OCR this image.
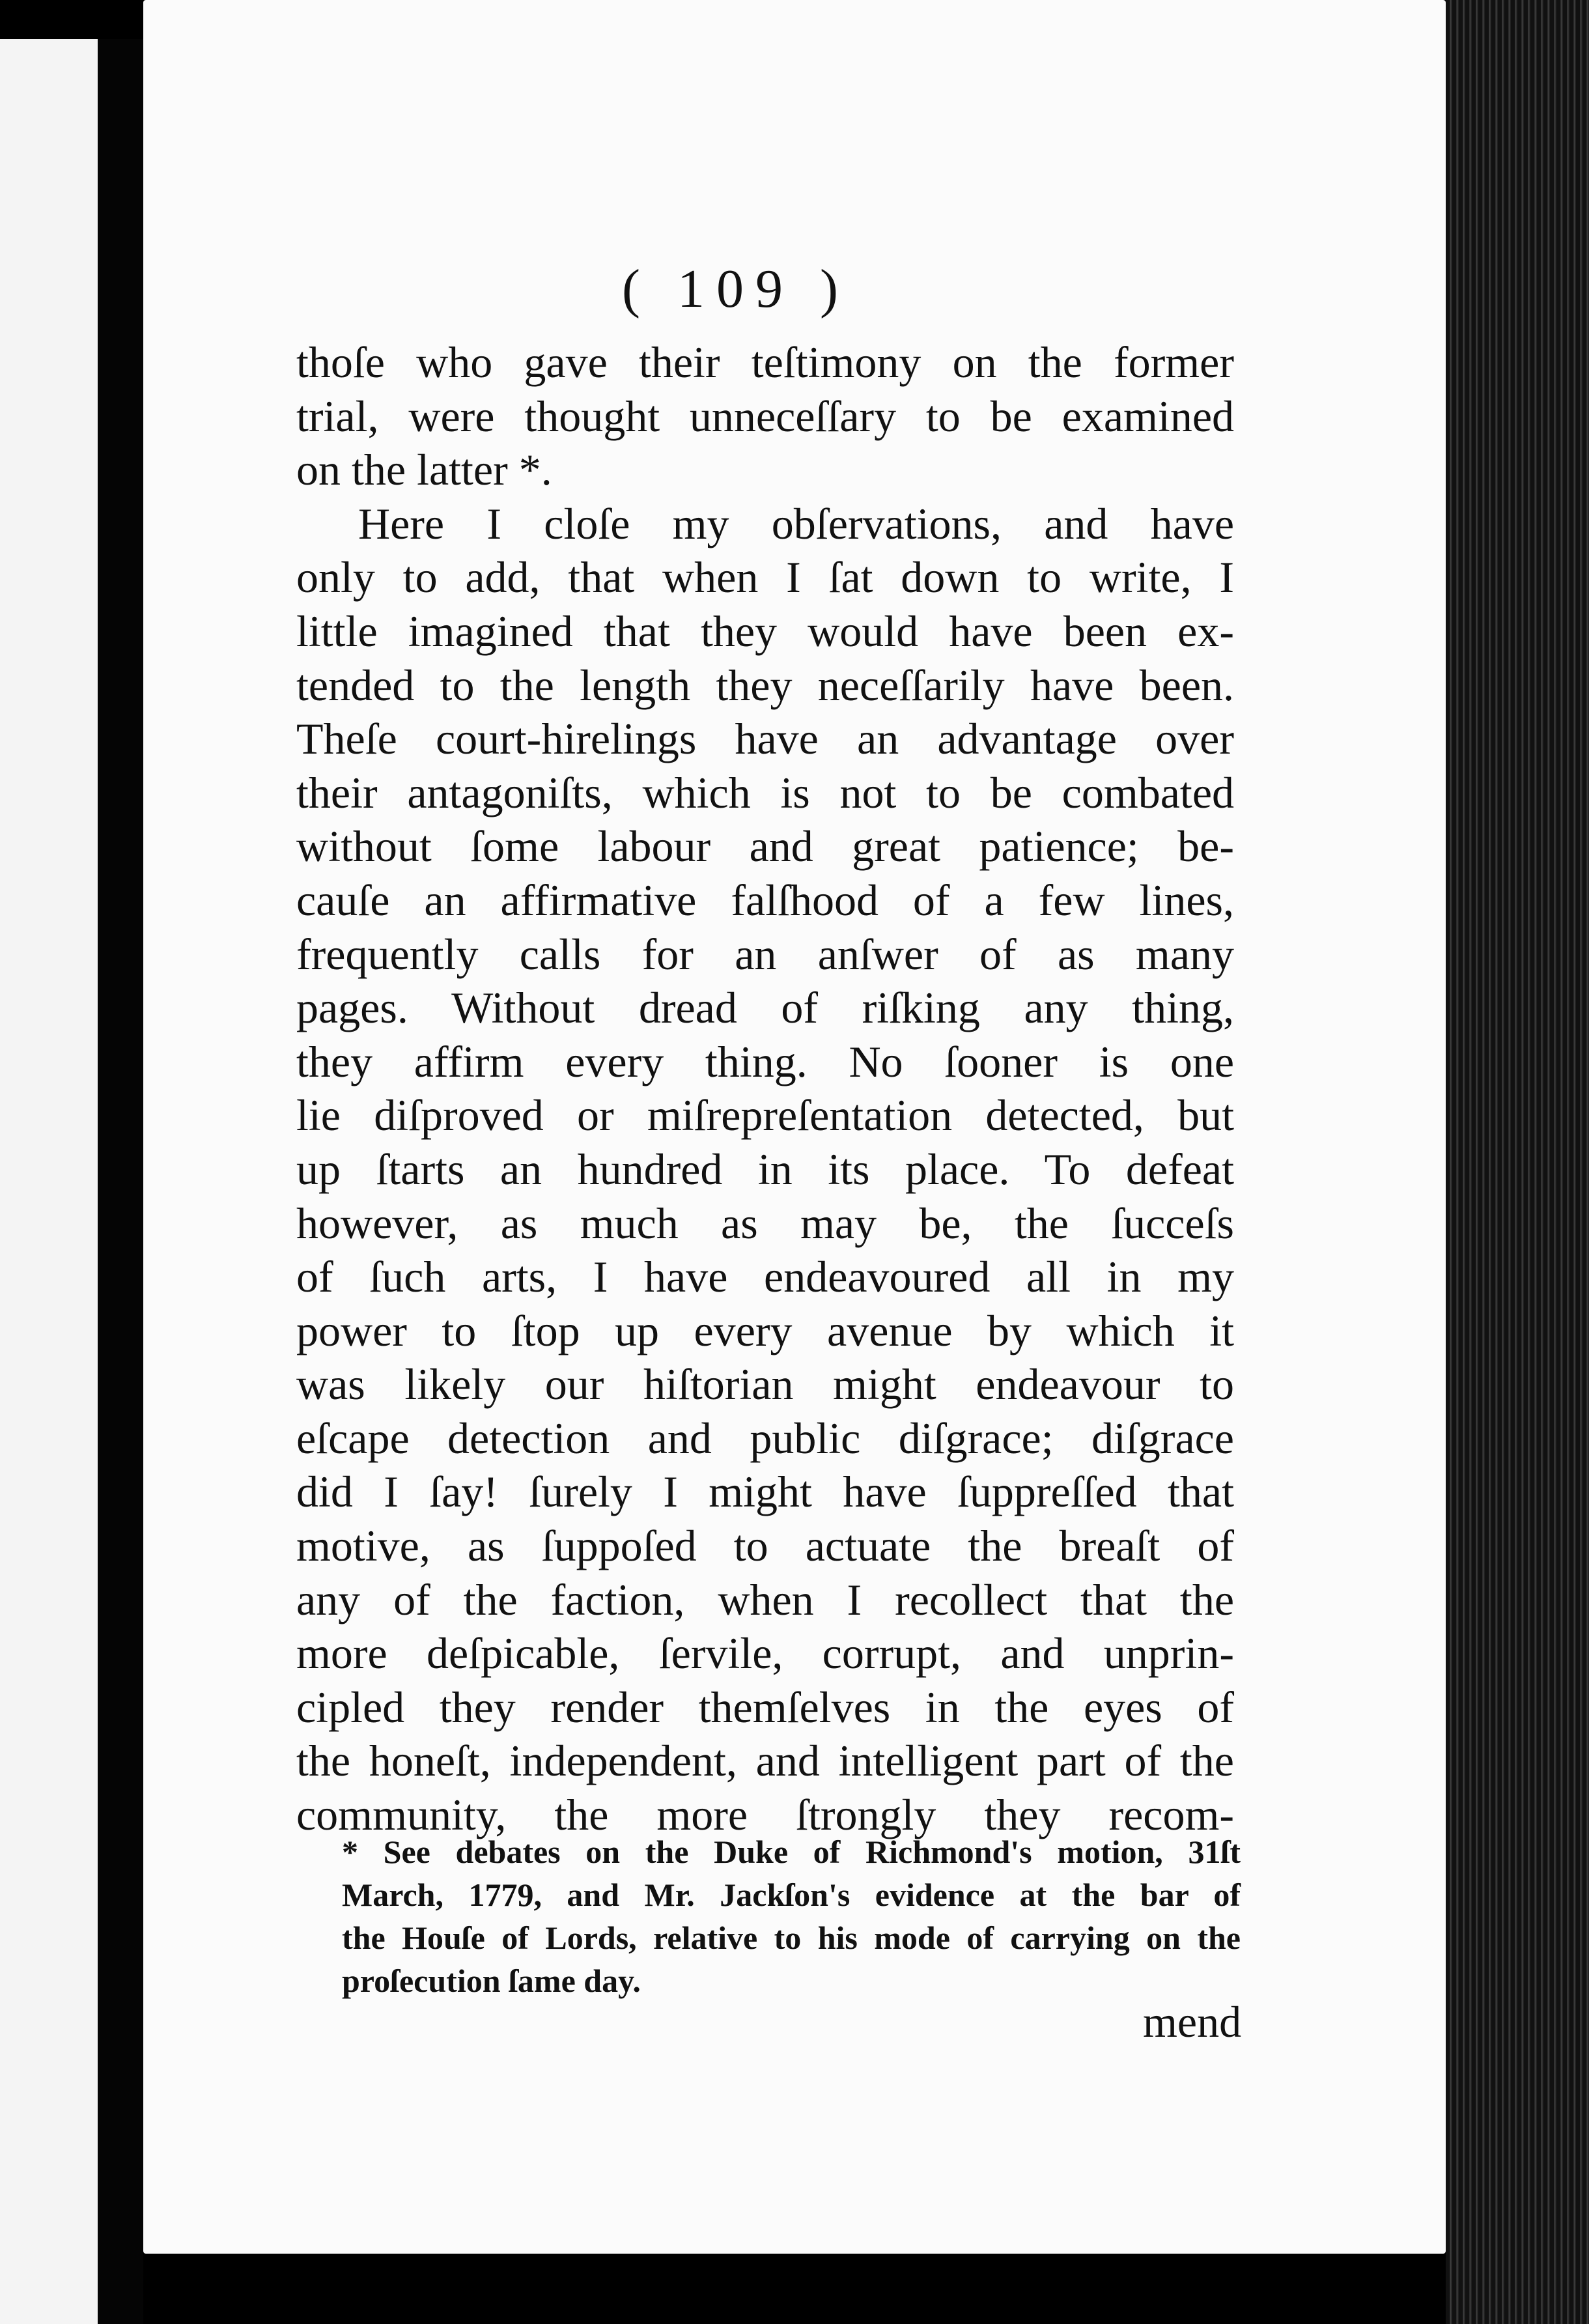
( 109 )
thoſe who gave their teſtimony on the former
trial, were thought unneceſſary to be examined
on the latter *.
Here I cloſe my obſervations, and have
only to add, that when I ſat down to write, I
little imagined that they would have been ex-
tended to the length they neceſſarily have been.
Theſe court-hirelings have an advantage over
their antagoniſts, which is not to be combated
without ſome labour and great patience; be-
cauſe an affirmative falſhood of a few lines,
frequently calls for an anſwer of as many
pages. Without dread of riſking any thing,
they affirm every thing. No ſooner is one
lie diſproved or miſrepreſentation detected, but
up ſtarts an hundred in its place. To defeat
however, as much as may be, the ſucceſs
of ſuch arts, I have endeavoured all in my
power to ſtop up every avenue by which it
was likely our hiſtorian might endeavour to
eſcape detection and public diſgrace; diſgrace
did I ſay! ſurely I might have ſuppreſſed that
motive, as ſuppoſed to actuate the breaſt of
any of the faction, when I recollect that the
more deſpicable, ſervile, corrupt, and unprin-
cipled they render themſelves in the eyes of
the honeſt, independent, and intelligent part of the
community, the more ſtrongly they recom-
* See debates on the Duke of Richmond's motion, 31ſt
March, 1779, and Mr. Jackſon's evidence at the bar of
the Houſe of Lords, relative to his mode of carrying on the
proſecution ſame day.
mend
